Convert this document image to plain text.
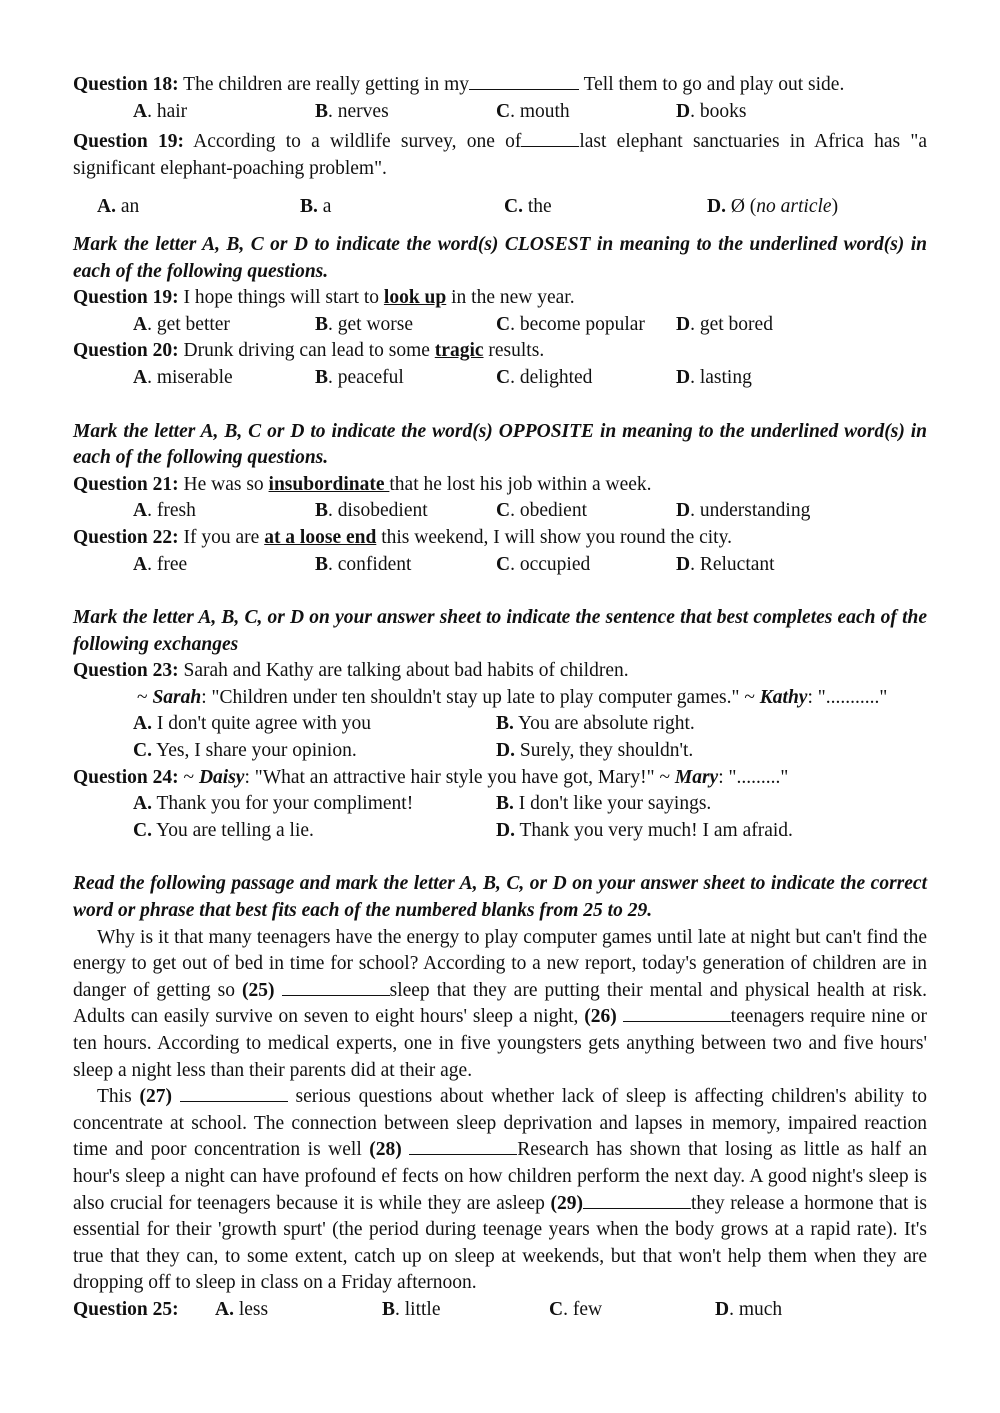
Question 18: The children are really getting in my	Tell them to go and play out side.

A. hair	B. nerves	C. mouth	D. books

Question 19: According to a wildlife survey, one of	last elephant sanctuaries in Africa has "a significant elephant-poaching problem".

A. an	B. a	C. the	D. Ø (no article)

Mark the letter A, B, C or D to indicate the word(s) CLOSEST in meaning to the underlined word(s) in each of the following questions.

Question 19: I hope things will start to look up in the new year.

A. get better	B. get worse	C. become popular D. get bored

Question 20: Drunk driving can lead to some tragic results.

A. miserable	B. peaceful	C. delighted	D. lasting

Mark the letter A, B, C or D to indicate the word(s) OPPOSITE in meaning to the underlined word(s) in each of the following questions.

Question 21: He was so insubordinate that he lost his job within a week.

A. fresh	B. disobedient	C. obedient	D. understanding

Question 22: If you are at a loose end this weekend, I will show you round the city.

A. free	B. confident	C. occupied	D. Reluctant

Mark the letter A, B, C, or D on your answer sheet to indicate the sentence that best completes each of the following exchanges

Question 23: Sarah and Kathy are talking about bad habits of children.

~ Sarah: "Children under ten shouldn't stay up late to play computer games." ~ Kathy: "..........."

A. I don't quite agree with you	B. You are absolute right.
C. Yes, I share your opinion.	D. Surely, they shouldn't.

Question 24: ~ Daisy: "What an attractive hair style you have got, Mary!" ~ Mary: "........."

A. Thank you for your compliment!	B. I don't like your sayings.
C. You are telling a lie.	D. Thank you very much! I am afraid.

Read the following passage and mark the letter A, B, C, or D on your answer sheet to indicate the correct word or phrase that best fits each of the numbered blanks from 25 to 29.

Why is it that many teenagers have the energy to play computer games until late at night but can't find the energy to get out of bed in time for school? According to a new report, today's generation of children are in danger of getting so (25)	sleep that they are putting their mental and physical health at risk. Adults can easily survive on seven to eight hours' sleep a night, (26)	teenagers require nine or ten hours. According to medical experts, one in five youngsters gets anything between two and five hours' sleep a night less than their parents did at their age.

This (27)	serious questions about whether lack of sleep is affecting children's ability to concentrate at school. The connection between sleep deprivation and lapses in memory, impaired reaction time and poor concentration is well (28)	Research has shown that losing as little as half an hour's sleep a night can have profound ef fects on how children perform the next day. A good night's sleep is also crucial for teenagers because it is while they are asleep (29)	they release a hormone that is essential for their 'growth spurt' (the period during teenage years when the body grows at a rapid rate). It's true that they can, to some extent, catch up on sleep at weekends, but that won't help them when they are dropping off to sleep in class on a Friday afternoon.

Question 25: A. less	B. little	C. few	D. much
